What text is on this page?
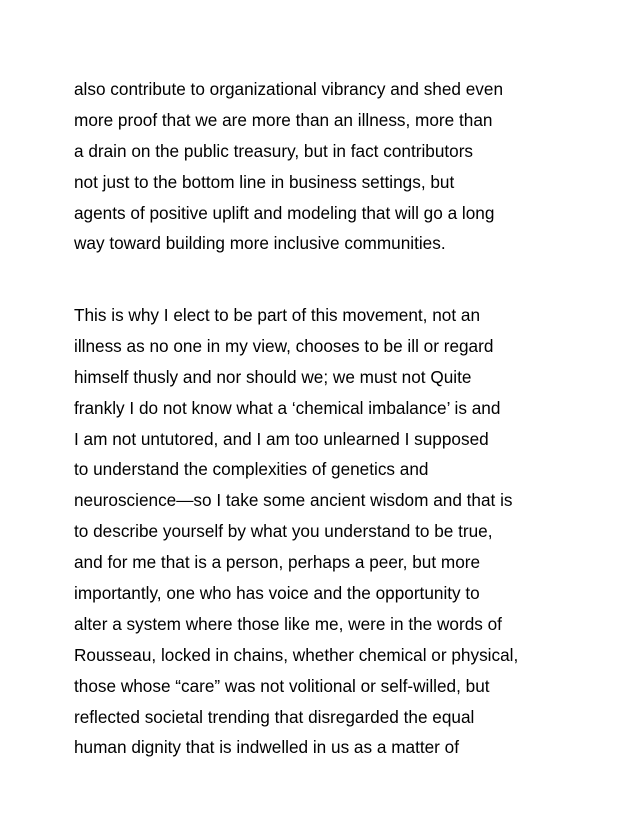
also contribute to organizational vibrancy and shed even
more proof that we are more than an illness, more than
a drain on the public treasury, but in fact contributors
not just to the bottom line in business settings, but
agents of positive uplift and modeling that will go a long
way toward building more inclusive communities.
This is why I elect to be part of this movement, not an
illness as no one in my view, chooses to be ill or regard
himself thusly and nor should we; we must not Quite
frankly I do not know what a ‘chemical imbalance’ is and
I am not untutored, and I am too unlearned I supposed
to understand the complexities of genetics and
neuroscience—so I take some ancient wisdom and that is
to describe yourself by what you understand to be true,
and for me that is a person, perhaps a peer, but more
importantly, one who has voice and the opportunity to
alter a system where those like me, were in the words of
Rousseau, locked in chains, whether chemical or physical,
those whose “care” was not volitional or self-willed, but
reflected societal trending that disregarded the equal
human dignity that is indwelled in us as a matter of
